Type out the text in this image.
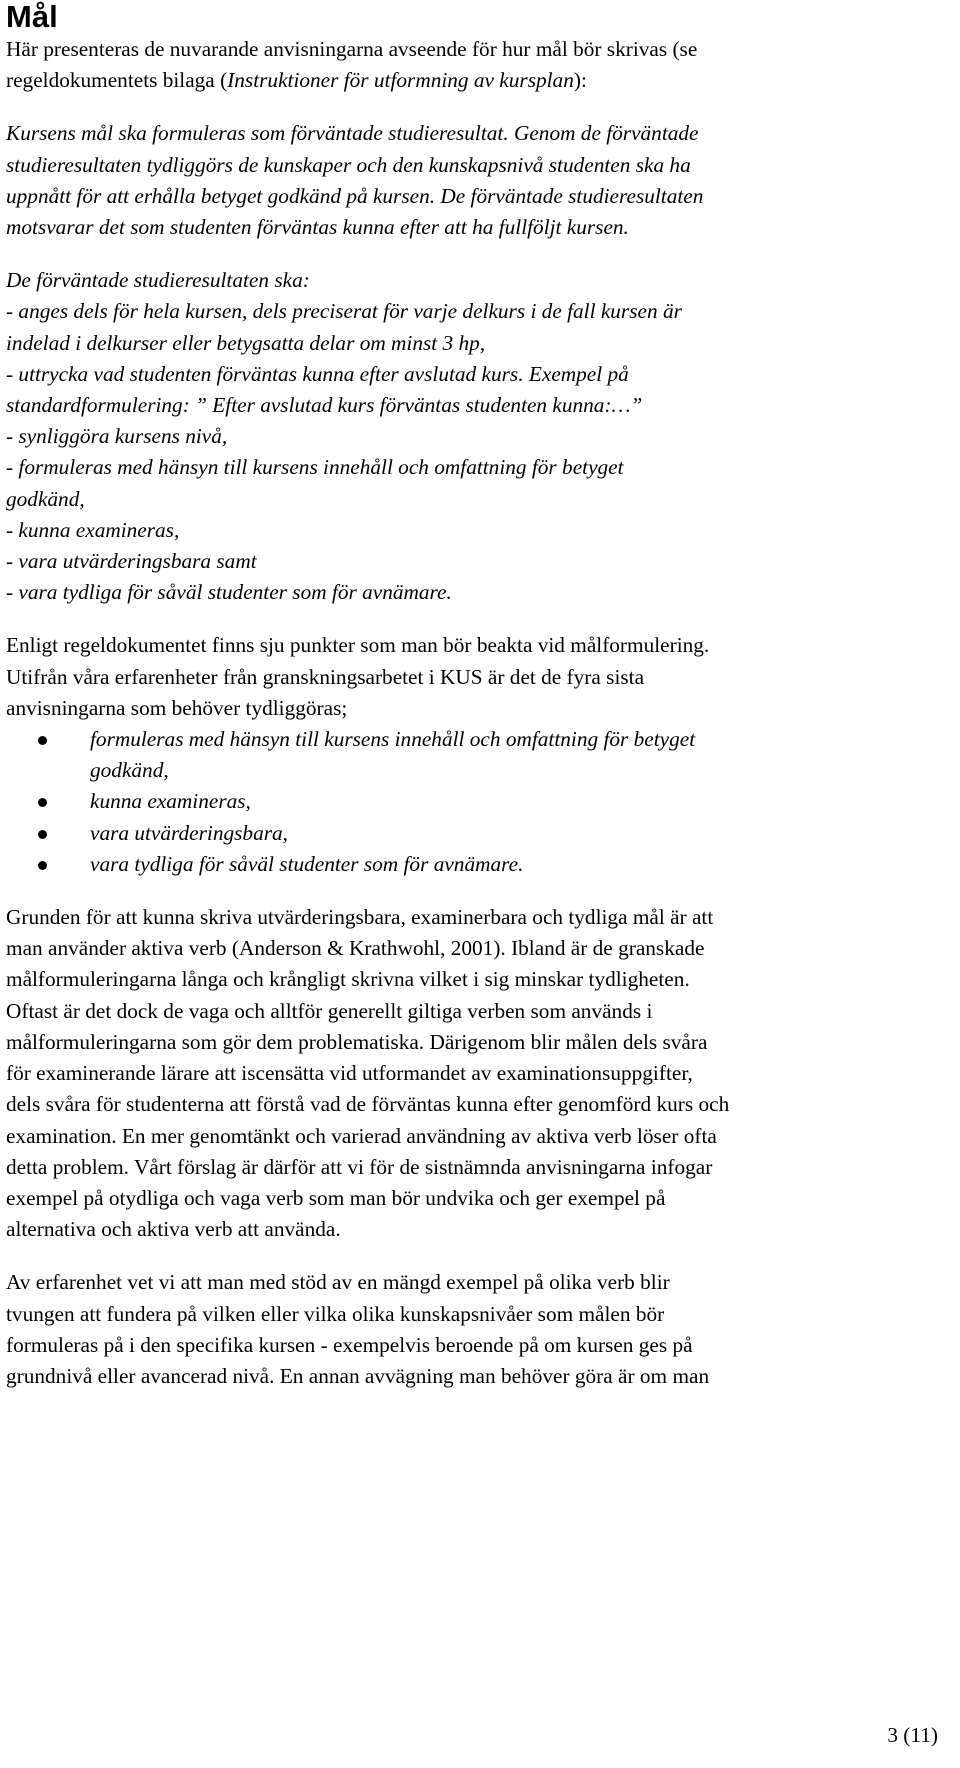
Mål

Här presenteras de nuvarande anvisningarna avseende för hur mål bör skrivas (se
regeldokumentets bilaga (Instruktioner för utformning av kursplan):

Kursens mål ska formuleras som förväntade studieresultat. Genom de förväntade
studieresultaten tydliggörs de kunskaper och den kunskapsnivå studenten ska ha
uppnått för att erhålla betyget godkänd på kursen. De förväntade studieresultaten
motsvarar det som studenten förväntas kunna efter att ha fullföljt kursen.

De förväntade studieresultaten ska:
- anges dels för hela kursen, dels preciserat för varje delkurs i de fall kursen är
indelad i delkurser eller betygsatta delar om minst 3 hp,
- uttrycka vad studenten förväntas kunna efter avslutad kurs. Exempel på
standardformulering: ” Efter avslutad kurs förväntas studenten kunna:…”
- synliggöra kursens nivå,
- formuleras med hänsyn till kursens innehåll och omfattning för betyget
godkänd,
- kunna examineras,
- vara utvärderingsbara samt
- vara tydliga för såväl studenter som för avnämare.

Enligt regeldokumentet finns sju punkter som man bör beakta vid målformulering.
Utifrån våra erfarenheter från granskningsarbetet i KUS är det de fyra sista
anvisningarna som behöver tydliggöras;

formuleras med hänsyn till kursens innehåll och omfattning för betyget
godkänd,
kunna examineras,
vara utvärderingsbara,
vara tydliga för såväl studenter som för avnämare.

Grunden för att kunna skriva utvärderingsbara, examinerbara och tydliga mål är att
man använder aktiva verb (Anderson & Krathwohl, 2001). Ibland är de granskade
målformuleringarna långa och krångligt skrivna vilket i sig minskar tydligheten.
Oftast är det dock de vaga och alltför generellt giltiga verben som används i
målformuleringarna som gör dem problematiska. Därigenom blir målen dels svåra
för examinerande lärare att iscensätta vid utformandet av examinationsuppgifter,
dels svåra för studenterna att förstå vad de förväntas kunna efter genomförd kurs och
examination. En mer genomtänkt och varierad användning av aktiva verb löser ofta
detta problem. Vårt förslag är därför att vi för de sistnämnda anvisningarna infogar
exempel på otydliga och vaga verb som man bör undvika och ger exempel på
alternativa och aktiva verb att använda.

Av erfarenhet vet vi att man med stöd av en mängd exempel på olika verb blir
tvungen att fundera på vilken eller vilka olika kunskapsnivåer som målen bör
formuleras på i den specifika kursen - exempelvis beroende på om kursen ges på
grundnivå eller avancerad nivå. En annan avvägning man behöver göra är om man

3 (11)
